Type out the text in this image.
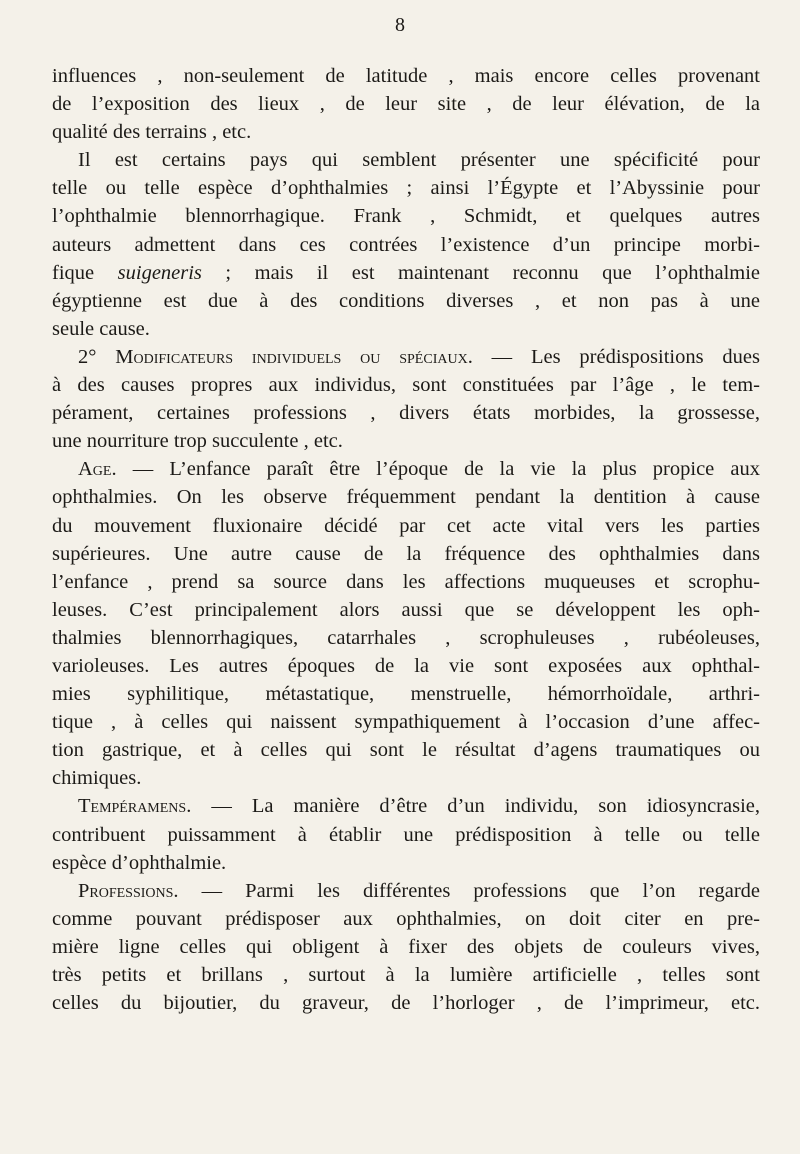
8
influences , non-seulement de latitude , mais encore celles provenant
de l’exposition des lieux , de leur site , de leur élévation, de la
qualité des terrains , etc.
Il est certains pays qui semblent présenter une spécificité pour
telle ou telle espèce d’ophthalmies ; ainsi l’Égypte et l’Abyssinie pour
l’ophthalmie blennorrhagique. Frank , Schmidt, et quelques autres
auteurs admettent dans ces contrées l’existence d’un principe morbi-
fique suigeneris ; mais il est maintenant reconnu que l’ophthalmie
égyptienne est due à des conditions diverses , et non pas à une
seule cause.
2° Modificateurs individuels ou spéciaux. — Les prédispositions dues
à des causes propres aux individus, sont constituées par l’âge , le tem-
pérament, certaines professions , divers états morbides, la grossesse,
une nourriture trop succulente , etc.
Age. — L’enfance paraît être l’époque de la vie la plus propice aux
ophthalmies. On les observe fréquemment pendant la dentition à cause
du mouvement fluxionaire décidé par cet acte vital vers les parties
supérieures. Une autre cause de la fréquence des ophthalmies dans
l’enfance , prend sa source dans les affections muqueuses et scrophu-
leuses. C’est principalement alors aussi que se développent les oph-
thalmies blennorrhagiques, catarrhales , scrophuleuses , rubéoleuses,
varioleuses. Les autres époques de la vie sont exposées aux ophthal-
mies syphilitique, métastatique, menstruelle, hémorrhoïdale, arthri-
tique , à celles qui naissent sympathiquement à l’occasion d’une affec-
tion gastrique, et à celles qui sont le résultat d’agens traumatiques ou
chimiques.
Tempéramens. — La manière d’être d’un individu, son idiosyncrasie,
contribuent puissamment à établir une prédisposition à telle ou telle
espèce d’ophthalmie.
Professions. — Parmi les différentes professions que l’on regarde
comme pouvant prédisposer aux ophthalmies, on doit citer en pre-
mière ligne celles qui obligent à fixer des objets de couleurs vives,
très petits et brillans , surtout à la lumière artificielle , telles sont
celles du bijoutier, du graveur, de l’horloger , de l’imprimeur, etc.
